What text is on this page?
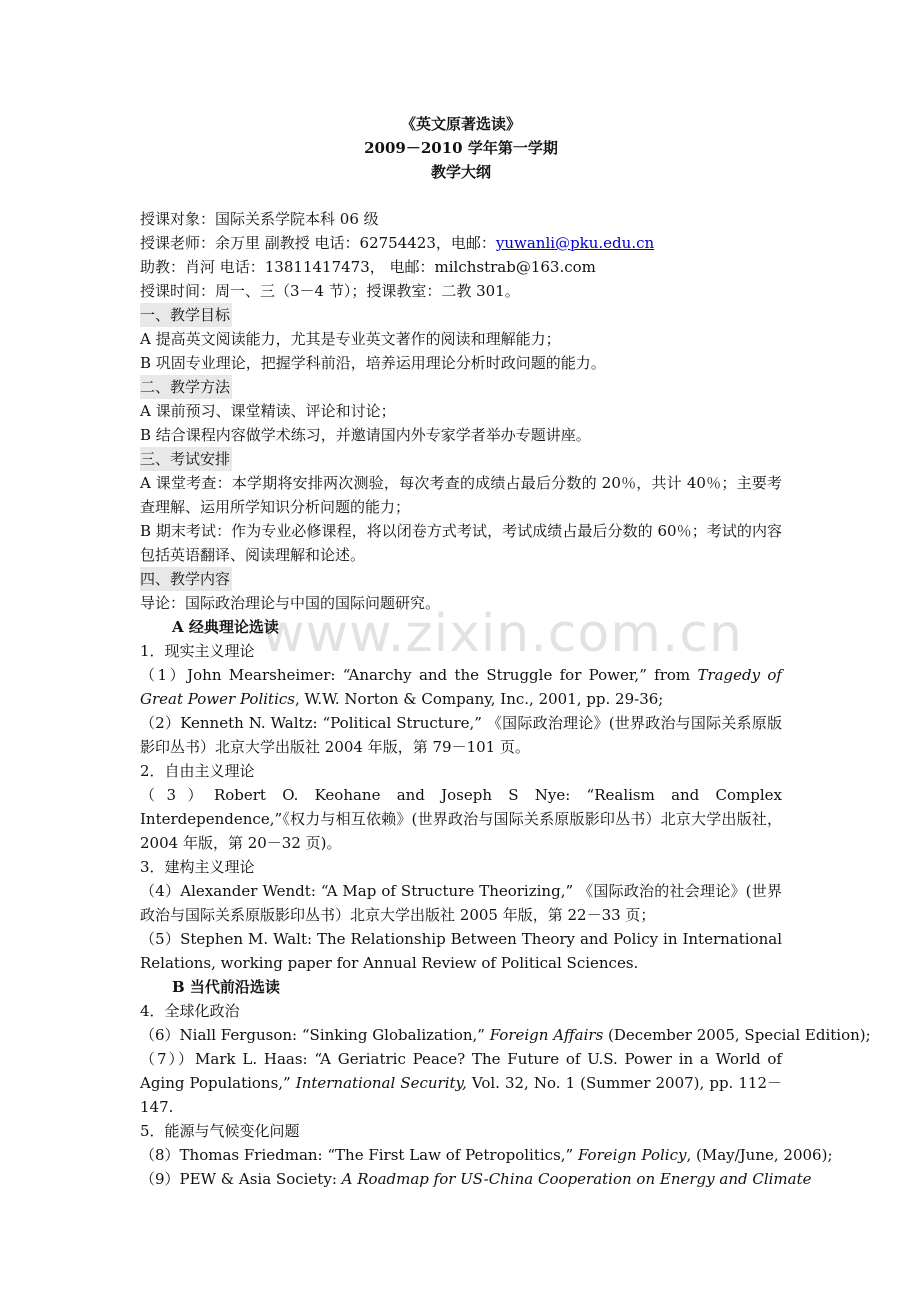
www.zixin.com.cn
《英文原著选读》
2009－2010 学年第一学期
教学大纲
授课对象：国际关系学院本科 06 级
授课老师：余万里 副教授 电话：62754423，电邮：yuwanli@pku.edu.cn
助教：肖河 电话：13811417473， 电邮：milchstrab@163.com
授课时间：周一、三（3－4 节）；授课教室：二教 301。
一、教学目标
A 提高英文阅读能力，尤其是专业英文著作的阅读和理解能力；
B 巩固专业理论，把握学科前沿，培养运用理论分析时政问题的能力。
二、教学方法
A 课前预习、课堂精读、评论和讨论；
B 结合课程内容做学术练习，并邀请国内外专家学者举办专题讲座。
三、考试安排
A 课堂考查：本学期将安排两次测验，每次考查的成绩占最后分数的 20％，共计 40％；主要考查理解、运用所学知识分析问题的能力；
B 期末考试：作为专业必修课程，将以闭卷方式考试，考试成绩占最后分数的 60％；考试的内容包括英语翻译、阅读理解和论述。
四、教学内容
导论：国际政治理论与中国的国际问题研究。
A 经典理论选读
1．现实主义理论
（1）John Mearsheimer: “Anarchy and the Struggle for Power,” from Tragedy of Great Power Politics, W.W. Norton & Company, Inc., 2001, pp. 29-36;
（2）Kenneth N. Waltz: “Political Structure,” 《国际政治理论》(世界政治与国际关系原版影印丛书）北京大学出版社 2004 年版，第 79－101 页。
2．自由主义理论
（3）Robert O. Keohane and Joseph S Nye: “Realism and Complex Interdependence,”《权力与相互依赖》(世界政治与国际关系原版影印丛书）北京大学出版社，2004 年版，第 20－32 页)。
3．建构主义理论
（4）Alexander Wendt: “A Map of Structure Theorizing,” 《国际政治的社会理论》(世界政治与国际关系原版影印丛书）北京大学出版社 2005 年版，第 22－33 页；
（5）Stephen M. Walt: The Relationship Between Theory and Policy in International Relations, working paper for Annual Review of Political Sciences.
B 当代前沿选读
4．全球化政治
（6）Niall Ferguson: “Sinking Globalization,” Foreign Affairs (December 2005, Special Edition);
（7））Mark L. Haas: “A Geriatric Peace? The Future of U.S. Power in a World of Aging Populations,” International Security, Vol. 32, No. 1 (Summer 2007), pp. 112－147.
5．能源与气候变化问题
（8）Thomas Friedman: “The First Law of Petropolitics,” Foreign Policy, (May/June, 2006);
（9）PEW & Asia Society: A Roadmap for US-China Cooperation on Energy and Climate
